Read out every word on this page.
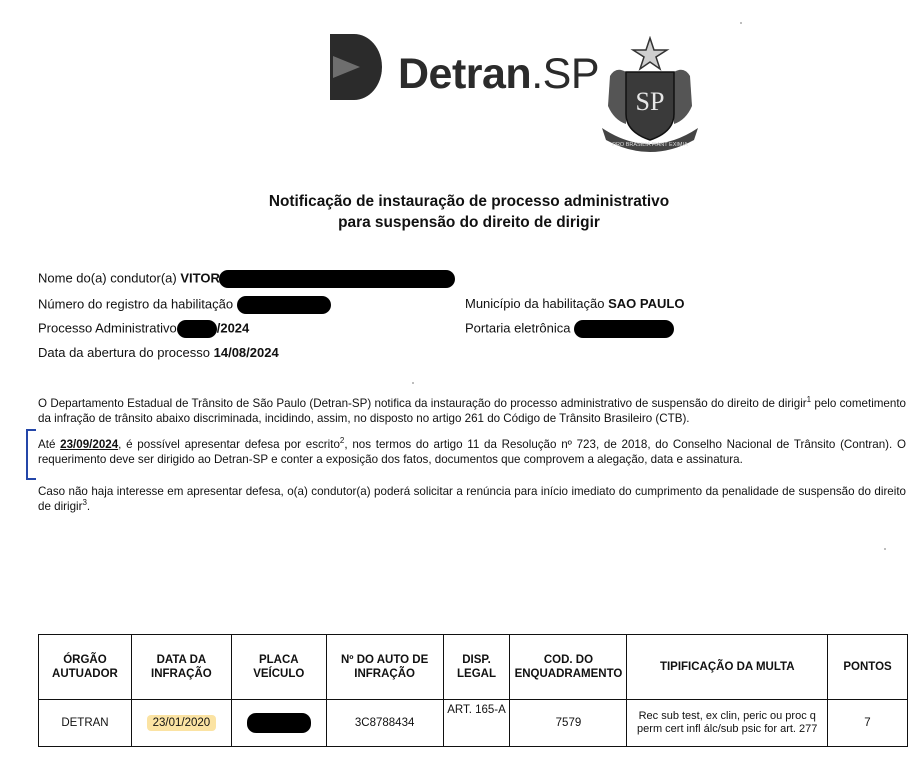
Detran.SP
SP
PRO BRASILIA FIANT EXIMIA
Notificação de instauração de processo administrativo
para suspensão do direito de dirigir
Nome do(a) condutor(a) VITOR
Número do registro da habilitação
Processo Administrativo	/2024
Data da abertura do processo 14/08/2024
Município da habilitação SAO PAULO
Portaria eletrônica
O Departamento Estadual de Trânsito de São Paulo (Detran-SP) notifica da instauração do processo administrativo de suspensão do direito de dirigir$^1$ pelo cometimento da infração de trânsito abaixo discriminada, incidindo, assim, no disposto no artigo 261 do Código de Trânsito Brasileiro (CTB).
Até 23/09/2024, é possível apresentar defesa por escrito$^2$, nos termos do artigo 11 da Resolução nº 723, de 2018, do Conselho Nacional de Trânsito (Contran). O requerimento deve ser dirigido ao Detran-SP e conter a exposição dos fatos, documentos que comprovem a alegação, data e assinatura.
Caso não haja interesse em apresentar defesa, o(a) condutor(a) poderá solicitar a renúncia para início imediato do cumprimento da penalidade de suspensão do direito de dirigir$^3$.
ÓRGÃO AUTUADOR	DATA DA INFRAÇÃO	PLACA VEÍCULO	Nº DO AUTO DE INFRAÇÃO	DISP. LEGAL	COD. DO ENQUADRAMENTO	TIPIFICAÇÃO DA MULTA	PONTOS
DETRAN	23/01/2020		3C8788434	ART. 165-A	7579	Rec sub test, ex clin, peric ou proc q perm cert infl álc/sub psic for art. 277	7
